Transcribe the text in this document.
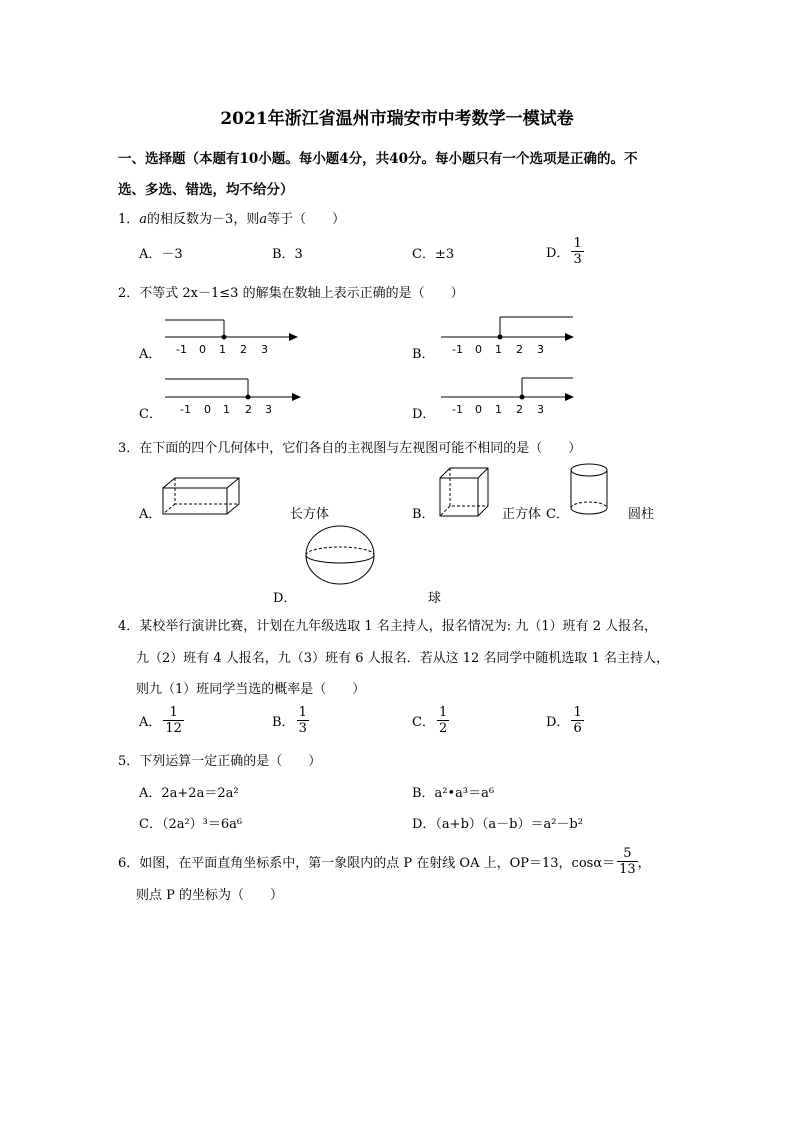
2021年浙江省温州市瑞安市中考数学一模试卷
一、选择题（本题有10小题。每小题4分，共40分。每小题只有一个选项是正确的。不
选、多选、错选，均不给分）
1．a的相反数为－3，则a等于（　　）
A．－3	B．3	C．±3	D． $\frac{1}{3}$
2．不等式 2x－1≤3 的解集在数轴上表示正确的是（　　）
A． -1 0 1 2 3	B． -1 0 1 2 3
C． -1 0 1 2 3	D． -1 0 1 2 3
3．在下面的四个几何体中，它们各自的主视图与左视图可能不相同的是（　　）
A．	长方体	B．	正方体 C．	圆柱
D．	球
4．某校举行演讲比赛，计划在九年级选取 1 名主持人，报名情况为: 九（1）班有 2 人报名，
九（2）班有 4 人报名，九（3）班有 6 人报名．若从这 12 名同学中随机选取 1 名主持人，
则九（1）班同学当选的概率是（　　）
A． $\frac{1}{12}$	B． $\frac{1}{3}$	C． $\frac{1}{2}$	D． $\frac{1}{6}$
5．下列运算一定正确的是（　　）
A．2a+2a＝2a²	B．a²•a³＝a⁶
C．（2a²）³＝6a⁶	D．（a+b）（a－b）＝a²－b²
6．如图，在平面直角坐标系中，第一象限内的点 P 在射线 OA 上，OP＝13，$\cos\alpha= \frac{5}{13}$ ，
则点 P 的坐标为（　　）
